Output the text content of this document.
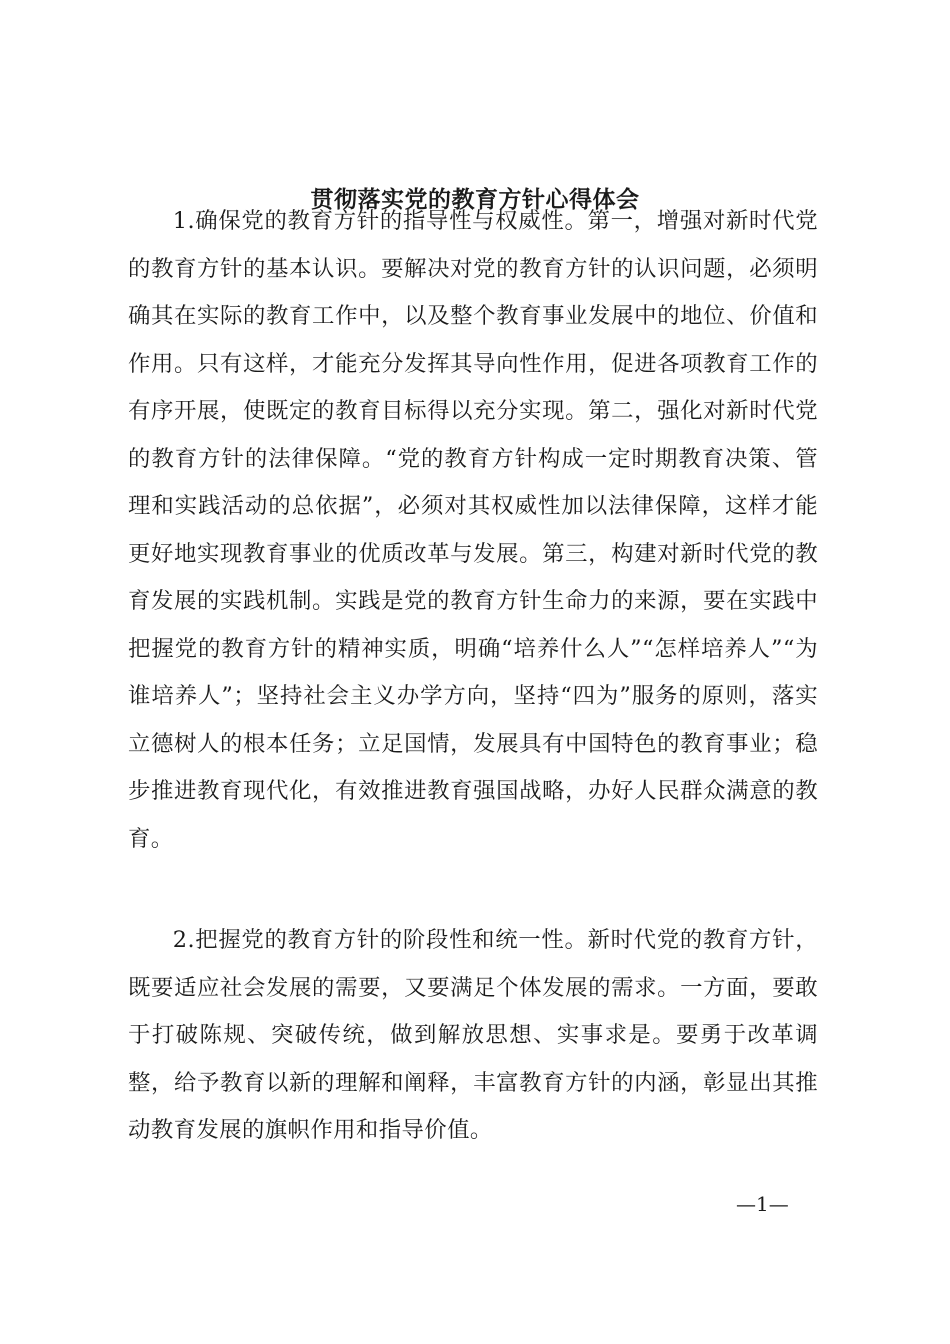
贯彻落实党的教育方针心得体会

1.确保党的教育方针的指导性与权威性。第一，增强对新时代党的教育方针的基本认识。要解决对党的教育方针的认识问题，必须明确其在实际的教育工作中，以及整个教育事业发展中的地位、价值和作用。只有这样，才能充分发挥其导向性作用，促进各项教育工作的有序开展，使既定的教育目标得以充分实现。第二，强化对新时代党的教育方针的法律保障。“党的教育方针构成一定时期教育决策、管理和实践活动的总依据”，必须对其权威性加以法律保障，这样才能更好地实现教育事业的优质改革与发展。第三，构建对新时代党的教育发展的实践机制。实践是党的教育方针生命力的来源，要在实践中把握党的教育方针的精神实质，明确“培养什么人”“怎样培养人”“为谁培养人”；坚持社会主义办学方向，坚持“四为”服务的原则，落实立德树人的根本任务；立足国情，发展具有中国特色的教育事业；稳步推进教育现代化，有效推进教育强国战略，办好人民群众满意的教育。

2.把握党的教育方针的阶段性和统一性。新时代党的教育方针，既要适应社会发展的需要，又要满足个体发展的需求。一方面，要敢于打破陈规、突破传统，做到解放思想、实事求是。要勇于改革调整，给予教育以新的理解和阐释，丰富教育方针的内涵，彰显出其推动教育发展的旗帜作用和指导价值。

—1—
